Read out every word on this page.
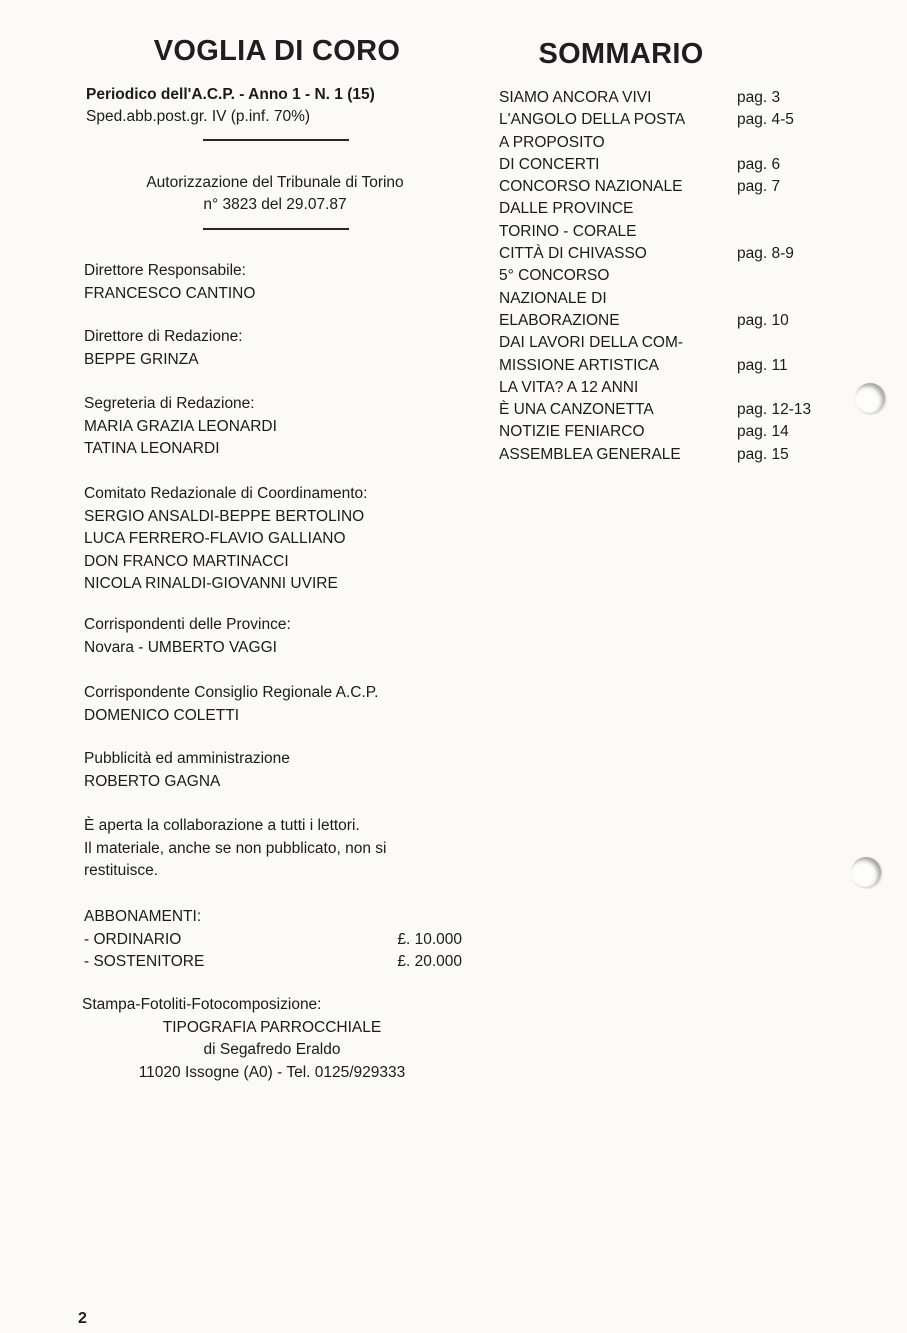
VOGLIA DI CORO
Periodico dell'A.C.P. - Anno 1 - N. 1 (15)
Sped.abb.post.gr. IV (p.inf. 70%)
Autorizzazione del Tribunale di Torino
n° 3823 del 29.07.87
Direttore Responsabile:
FRANCESCO CANTINO
Direttore di Redazione:
BEPPE GRINZA
Segreteria di Redazione:
MARIA GRAZIA LEONARDI
TATINA LEONARDI
Comitato Redazionale di Coordinamento:
SERGIO ANSALDI-BEPPE BERTOLINO
LUCA FERRERO-FLAVIO GALLIANO
DON FRANCO MARTINACCI
NICOLA RINALDI-GIOVANNI UVIRE
Corrispondenti delle Province:
Novara - UMBERTO VAGGI
Corrispondente Consiglio Regionale A.C.P.
DOMENICO COLETTI
Pubblicità ed amministrazione
ROBERTO GAGNA
È aperta la collaborazione a tutti i lettori.
Il materiale, anche se non pubblicato, non si
restituisce.
ABBONAMENTI:
- ORDINARIO	£. 10.000
- SOSTENITORE	£. 20.000
Stampa-Fotoliti-Fotocomposizione:
TIPOGRAFIA PARROCCHIALE
di Segafredo Eraldo
11020 Issogne (A0) - Tel. 0125/929333
2
SOMMARIO
SIAMO ANCORA VIVI	pag. 3
L'ANGOLO DELLA POSTA	pag. 4-5
A PROPOSITO
DI CONCERTI	pag. 6
CONCORSO NAZIONALE	pag. 7
DALLE PROVINCE
TORINO - CORALE
CITTÀ DI CHIVASSO	pag. 8-9
5° CONCORSO
NAZIONALE DI
ELABORAZIONE	pag. 10
DAI LAVORI DELLA COM-
MISSIONE ARTISTICA	pag. 11
LA VITA? A 12 ANNI
È UNA CANZONETTA	pag. 12-13
NOTIZIE FENIARCO	pag. 14
ASSEMBLEA GENERALE	pag. 15
